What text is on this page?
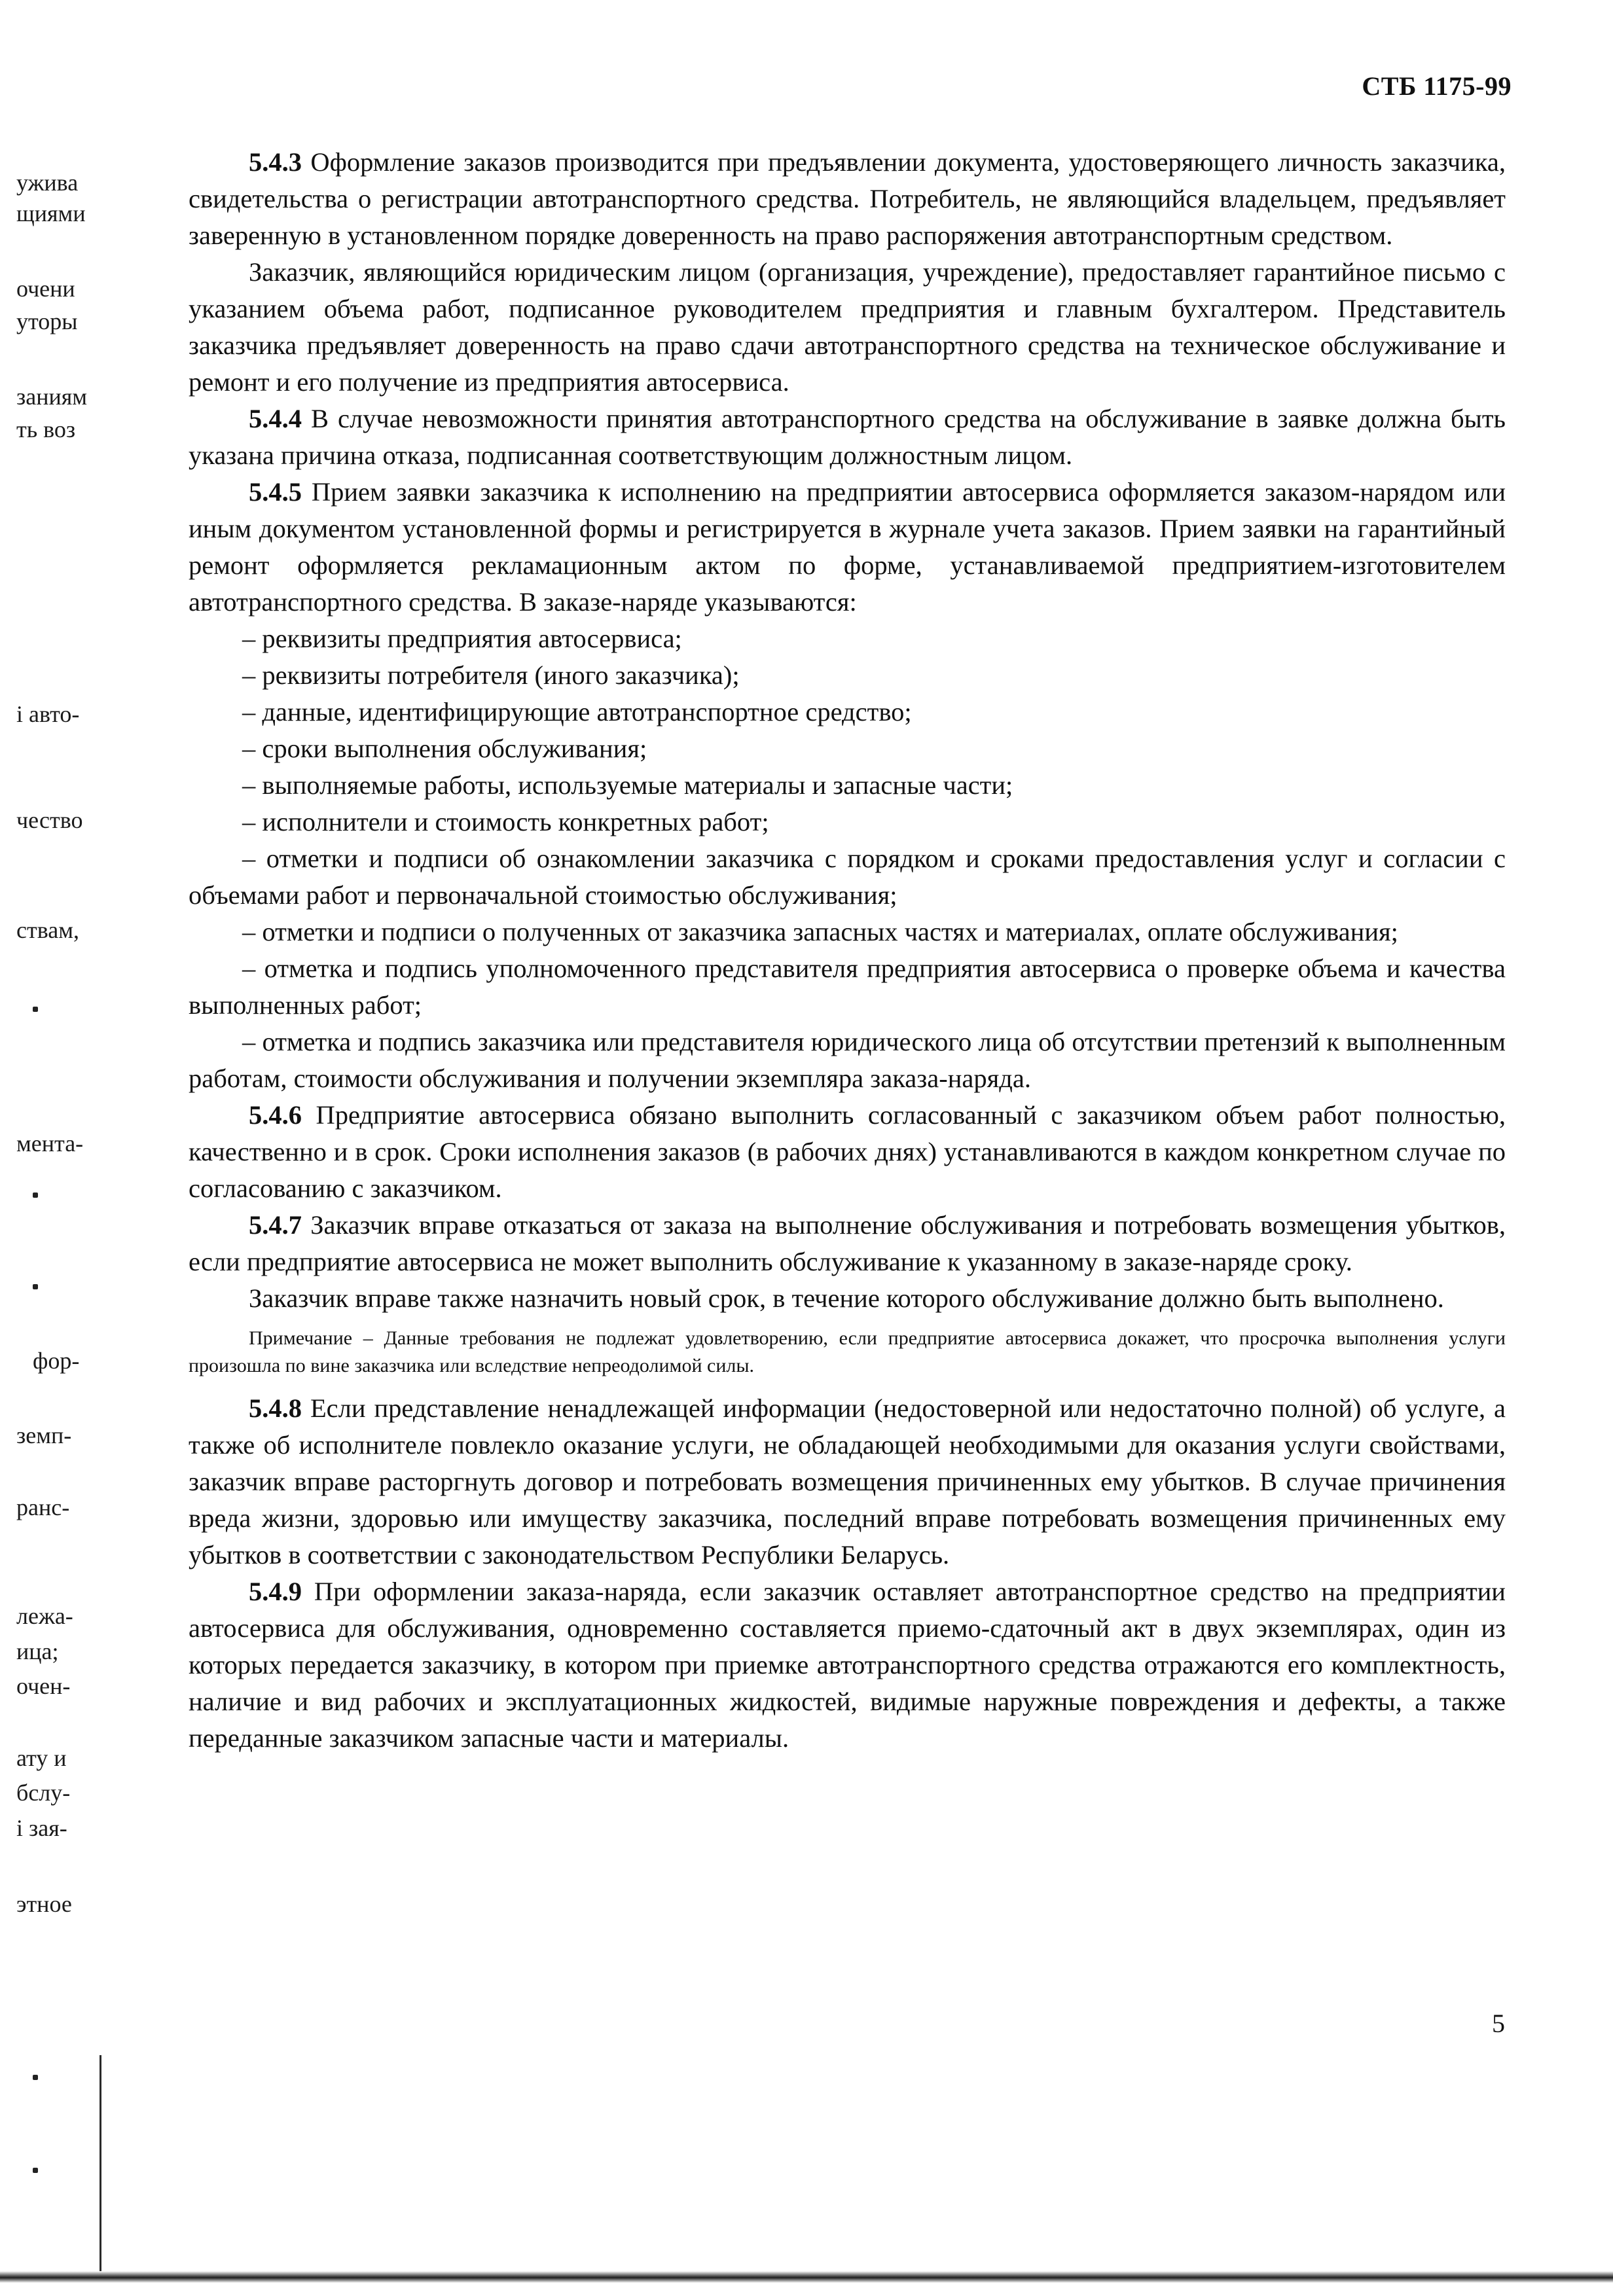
СТБ 1175-99
ужива
щиями
очени
уторы
заниям
ть воз
і авто-
чество
ствам,
мента-
фор-
земп-
ранс-
лежа-
ица;
очен-
ату и
бслу-
і зая-
этное

5.4.3 Оформление заказов производится при предъявлении документа, удостоверяющего личность заказчика, свидетельства о регистрации автотранспортного средства. Потребитель, не являющийся владельцем, предъявляет заверенную в установленном порядке доверенность на право распоряжения автотранспортным средством.

Заказчик, являющийся юридическим лицом (организация, учреждение), предоставляет гарантийное письмо с указанием объема работ, подписанное руководителем предприятия и главным бухгалтером. Представитель заказчика предъявляет доверенность на право сдачи автотранспортного средства на техническое обслуживание и ремонт и его получение из предприятия автосервиса.

5.4.4 В случае невозможности принятия автотранспортного средства на обслуживание в заявке должна быть указана причина отказа, подписанная соответствующим должностным лицом.

5.4.5 Прием заявки заказчика к исполнению на предприятии автосервиса оформляется заказом-нарядом или иным документом установленной формы и регистрируется в журнале учета заказов. Прием заявки на гарантийный ремонт оформляется рекламационным актом по форме, устанавливаемой предприятием-изготовителем автотранспортного средства. В заказе-наряде указываются:

– реквизиты предприятия автосервиса;

– реквизиты потребителя (иного заказчика);

– данные, идентифицирующие автотранспортное средство;

– сроки выполнения обслуживания;

– выполняемые работы, используемые материалы и запасные части;

– исполнители и стоимость конкретных работ;

– отметки и подписи об ознакомлении заказчика с порядком и сроками предоставления услуг и согласии с объемами работ и первоначальной стоимостью обслуживания;

– отметки и подписи о полученных от заказчика запасных частях и материалах, оплате обслуживания;

– отметка и подпись уполномоченного представителя предприятия автосервиса о проверке объема и качества выполненных работ;

– отметка и подпись заказчика или представителя юридического лица об отсутствии претензий к выполненным работам, стоимости обслуживания и получении экземпляра заказа-наряда.

5.4.6 Предприятие автосервиса обязано выполнить согласованный с заказчиком объем работ полностью, качественно и в срок. Сроки исполнения заказов (в рабочих днях) устанавливаются в каждом конкретном случае по согласованию с заказчиком.

5.4.7 Заказчик вправе отказаться от заказа на выполнение обслуживания и потребовать возмещения убытков, если предприятие автосервиса не может выполнить обслуживание к указанному в заказе-наряде сроку.

Заказчик вправе также назначить новый срок, в течение которого обслуживание должно быть выполнено.

Примечание – Данные требования не подлежат удовлетворению, если предприятие автосервиса докажет, что просрочка выполнения услуги произошла по вине заказчика или вследствие непреодолимой силы.

5.4.8 Если представление ненадлежащей информации (недостоверной или недостаточно полной) об услуге, а также об исполнителе повлекло оказание услуги, не обладающей необходимыми для оказания услуги свойствами, заказчик вправе расторгнуть договор и потребовать возмещения причиненных ему убытков. В случае причинения вреда жизни, здоровью или имуществу заказчика, последний вправе потребовать возмещения причиненных ему убытков в соответствии с законодательством Республики Беларусь.

5.4.9 При оформлении заказа-наряда, если заказчик оставляет автотранспортное средство на предприятии автосервиса для обслуживания, одновременно составляется приемо-сдаточный акт в двух экземплярах, один из которых передается заказчику, в котором при приемке автотранспортного средства отражаются его комплектность, наличие и вид рабочих и эксплуатационных жидкостей, видимые наружные повреждения и дефекты, а также переданные заказчиком запасные части и материалы.

5
